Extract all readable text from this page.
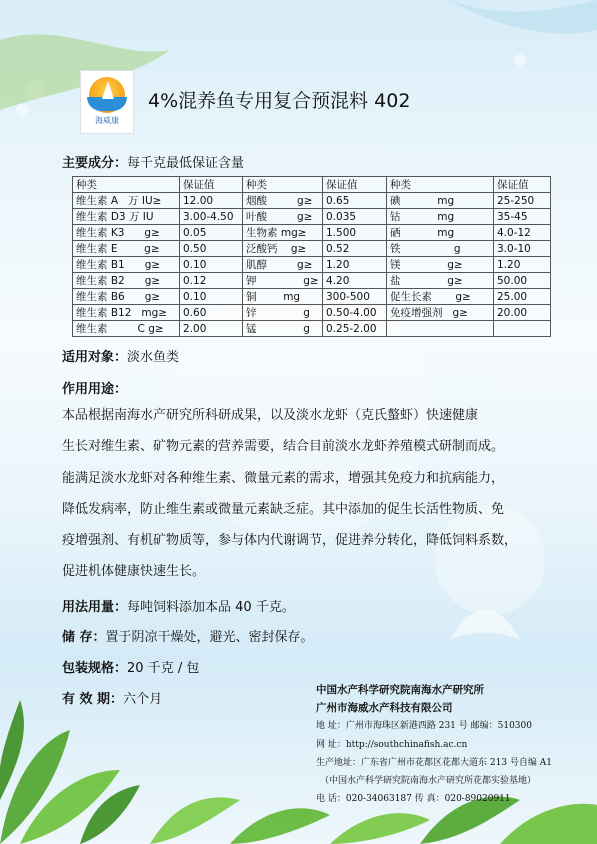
海威康
4%混养鱼专用复合预混料 402
主要成分：每千克最低保证含量
种类	保证值	种类	保证值	种类	保证值
维生素 A   万 IU≥	12.00	烟酸         g≥	0.65	碘           mg	25-250
维生素 D3 万 IU	3.00-4.50	叶酸         g≥	0.035	钴           mg	35-45
维生素 K3      g≥	0.05	生物素 mg≥	1.500	硒           mg	4.0-12
维生素 E        g≥	0.50	泛酸钙    g≥	0.52	铁                g	3.0-10
维生素 B1      g≥	0.10	肌醇         g≥	1.20	镁              g≥	1.20
维生素 B2      g≥	0.12	钾              g≥	4.20	盐              g≥	50.00
维生素 B6      g≥	0.10	铜        mg	300-500	促生长素       g≥	25.00
维生素 B12   mg≥	0.60	锌              g	0.50-4.00	免疫增强剂   g≥	20.00
维生素         C g≥	2.00	锰              g	0.25-2.00		
适用对象：淡水鱼类
作用用途：
本品根据南海水产研究所科研成果，以及淡水龙虾（克氏螯虾）快速健康
生长对维生素、矿物元素的营养需要，结合目前淡水龙虾养殖模式研制而成。
能满足淡水龙虾对各种维生素、微量元素的需求，增强其免疫力和抗病能力，
降低发病率，防止维生素或微量元素缺乏症。其中添加的促生长活性物质、免
疫增强剂、有机矿物质等，参与体内代谢调节，促进养分转化，降低饲料系数，
促进机体健康快速生长。
用法用量：每吨饲料添加本品 40 千克。
储 存：置于阴凉干燥处，避光、密封保存。
包装规格：20 千克 / 包
有 效 期：六个月
中国水产科学研究院南海水产研究所
广州市海威水产科技有限公司
地 址：广州市海珠区新港西路 231 号 邮编：510300
网 址：http://southchinafish.ac.cn
生产地址：广东省广州市花都区花都大道东 213 号自编 A1
（中国水产科学研究院南海水产研究所花都实验基地）
电 话：020-34063187 传 真：020-89020911
